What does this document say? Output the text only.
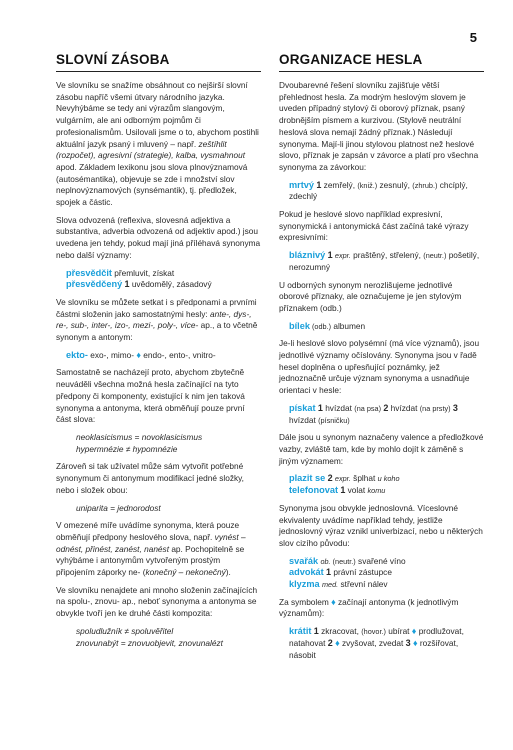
5
SLOVNÍ ZÁSOBA

Ve slovníku se snažíme obsáhnout co nejširší slovní zásobu napříč všemi útvary národního jazyka. Nevyhýbáme se tedy ani výrazům slangovým, vulgárním, ale ani odborným pojmům či profesionalismům. Usilovali jsme o to, abychom postihli aktuální jazyk psaný i mluvený – např. zeštíhlit (rozpočet), agresivní (strategie), kalba, vysmahnout apod. Základem lexikonu jsou slova plnovýznamová (autosémantika), objevuje se zde i množství slov neplnovýznamových (synsémantik), tj. předložek, spojek a částic.

Slova odvozená (reflexiva, slovesná adjektiva a substantiva, adverbia odvozená od adjektiv apod.) jsou uvedena jen tehdy, pokud mají jiná příléhavá synonyma nebo další významy:

přesvědčit přemluvit, získat
přesvědčený 1 uvědomělý, zásadový

Ve slovníku se můžete setkat i s předponami a prvními částmi složenin jako samostatnými hesly: ante-, dys-, re-, sub-, inter-, izo-, mezi-, poly-, více- ap., a to včetně synonym a antonym:

ekto- exo-, mimo- ♦ endo-, ento-, vnitro-

Samostatně se nacházejí proto, abychom zbytečně neuváděli všechna možná hesla začínající na tyto předpony či komponenty, existující k nim jen taková synonyma a antonyma, která obměňují pouze první část slova:

neoklasicismus = novoklasicismus
hypermnézie ≠ hypomnézie

Zároveň si tak užívatel může sám vytvořit potřebné synonymum či antonymum modifikací jedné složky, nebo i složek obou:

uniparita = jednorodost

V omezené míře uvádíme synonyma, která pouze obměňují předpony heslového slova, např. vynést – odnést, přinést, zanést, nanést ap. Pochopitelně se vyhýbáme i antonymům vytvořeným prostým připojením záporky ne- (konečný – nekonečný).

Ve slovníku nenajdete ani mnoho složenin začínajících na spolu-, znovu- ap., neboť synonyma a antonyma se obvykle tvoří jen ke druhé části kompozita:

spoludlužník ≠ spoluvěřitel
znovunabýt = znovuobjevit, znovunalézt
ORGANIZACE HESLA

Dvoubarevné řešení slovníku zajišťuje větší přehlednost hesla. Za modrým heslovým slovem je uveden případný stylový či oborový příznak, psaný drobnějším písmem a kurzivou. (Stylově neutrální heslová slova nemají žádný příznak.) Následují synonyma. Mají-li jinou stylovou platnost než heslové slovo, příznak je zapsán v závorce a platí pro všechna synonyma za závorkou:

mrtvý 1 zemřelý, (kniž.) zesnulý, (zhrub.) chcíplý, zdechlý

Pokud je heslové slovo například expresivní, synonymická i antonymická část začíná také výrazy expresivními:

bláznivý 1 expr. praštěný, střelený, (neutr.) pošetilý, nerozumný

U odborných synonym nerozlišujeme jednotlivé oborové příznaky, ale označujeme je jen stylovým příznakem (odb.)

bílek (odb.) albumen

Je-li heslové slovo polysémní (má více významů), jsou jednotlivé významy očíslovány. Synonyma jsou v řadě hesel doplněna o upřesňující poznámky, jež jednoznačně určuje význam synonyma a usnadňuje orientaci v hesle:

pískat 1 hvízdat (na psa) 2 hvízdat (na prsty) 3 hvízdat (písničku)

Dále jsou u synonym naznačeny valence a předložkové vazby, zvláště tam, kde by mohlo dojít k záměně s jiným významem:

plazit se 2 expr. šplhat u koho
telefonovat 1 volat komu

Synonyma jsou obvykle jednoslovná. Víceslovné ekvivalenty uvádíme například tehdy, jestliže jednoslovný výraz vznikl univerbizací, nebo u některých slov cizího původu:

svařák ob. (neutr.) svařené víno
advokát 1 právní zástupce
klyzma med. střevní nálev

Za symbolem ♦ začínají antonyma (k jednotlivým významům):

krátit 1 zkracovat, (hovor.) ubírat ♦ prodlužovat, natahovat 2 ♦ zvyšovat, zvedat 3 ♦ rozšiřovat, násobit
